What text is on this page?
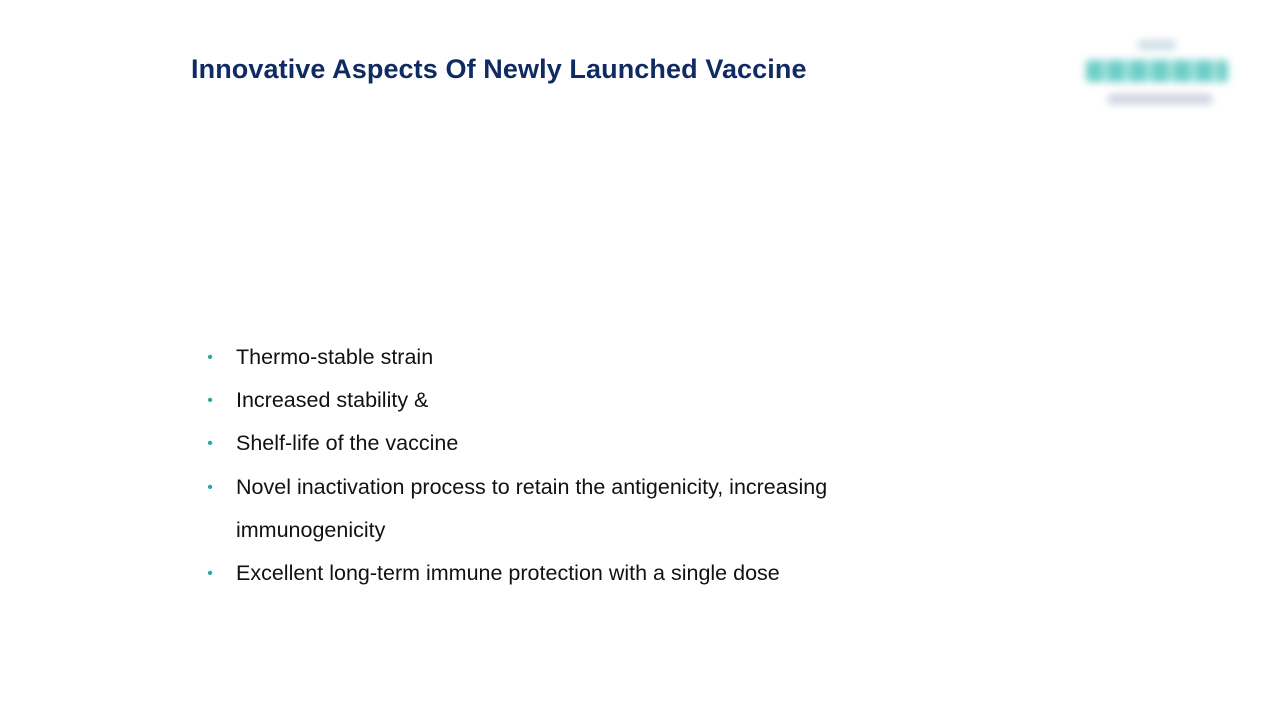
Innovative Aspects Of Newly Launched Vaccine
• Thermo-stable strain
• Increased stability &
• Shelf-life of the vaccine
• Novel inactivation process to retain the antigenicity, increasing immunogenicity
• Excellent long-term immune protection with a single dose
